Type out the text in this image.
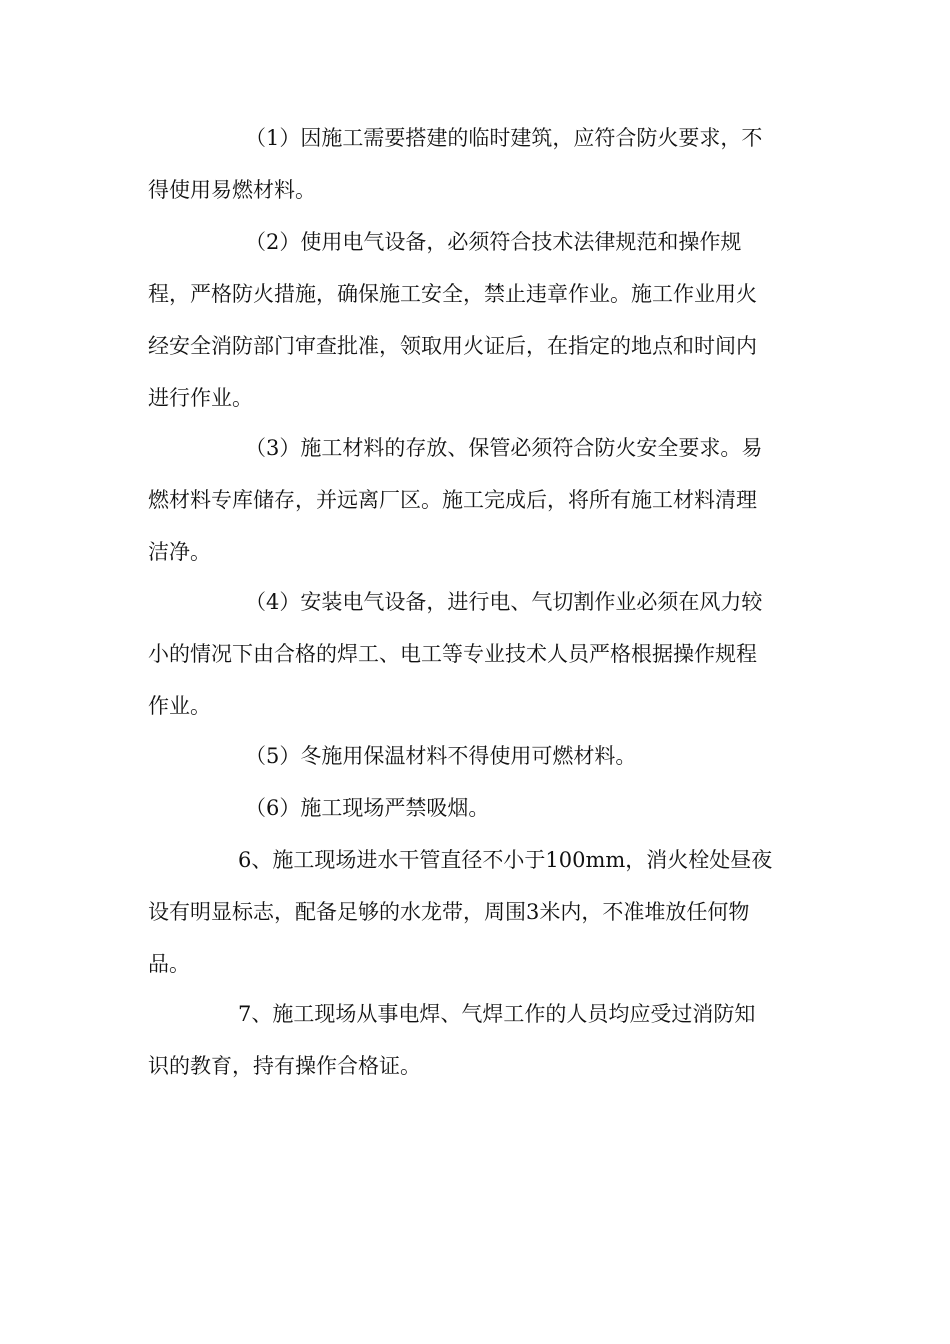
（1）因施工需要搭建的临时建筑，应符合防火要求，不
得使用易燃材料。
（2）使用电气设备，必须符合技术法律规范和操作规
程，严格防火措施，确保施工安全，禁止违章作业。施工作业用火
经安全消防部门审查批准，领取用火证后，在指定的地点和时间内
进行作业。
（3）施工材料的存放、保管必须符合防火安全要求。易
燃材料专库储存，并远离厂区。施工完成后，将所有施工材料清理
洁净。
（4）安装电气设备，进行电、气切割作业必须在风力较
小的情况下由合格的焊工、电工等专业技术人员严格根据操作规程
作业。
（5）冬施用保温材料不得使用可燃材料。
（6）施工现场严禁吸烟。
6、施工现场进水干管直径不小于100mm，消火栓处昼夜
设有明显标志，配备足够的水龙带，周围3米内，不准堆放任何物
品。
7、施工现场从事电焊、气焊工作的人员均应受过消防知
识的教育，持有操作合格证。
